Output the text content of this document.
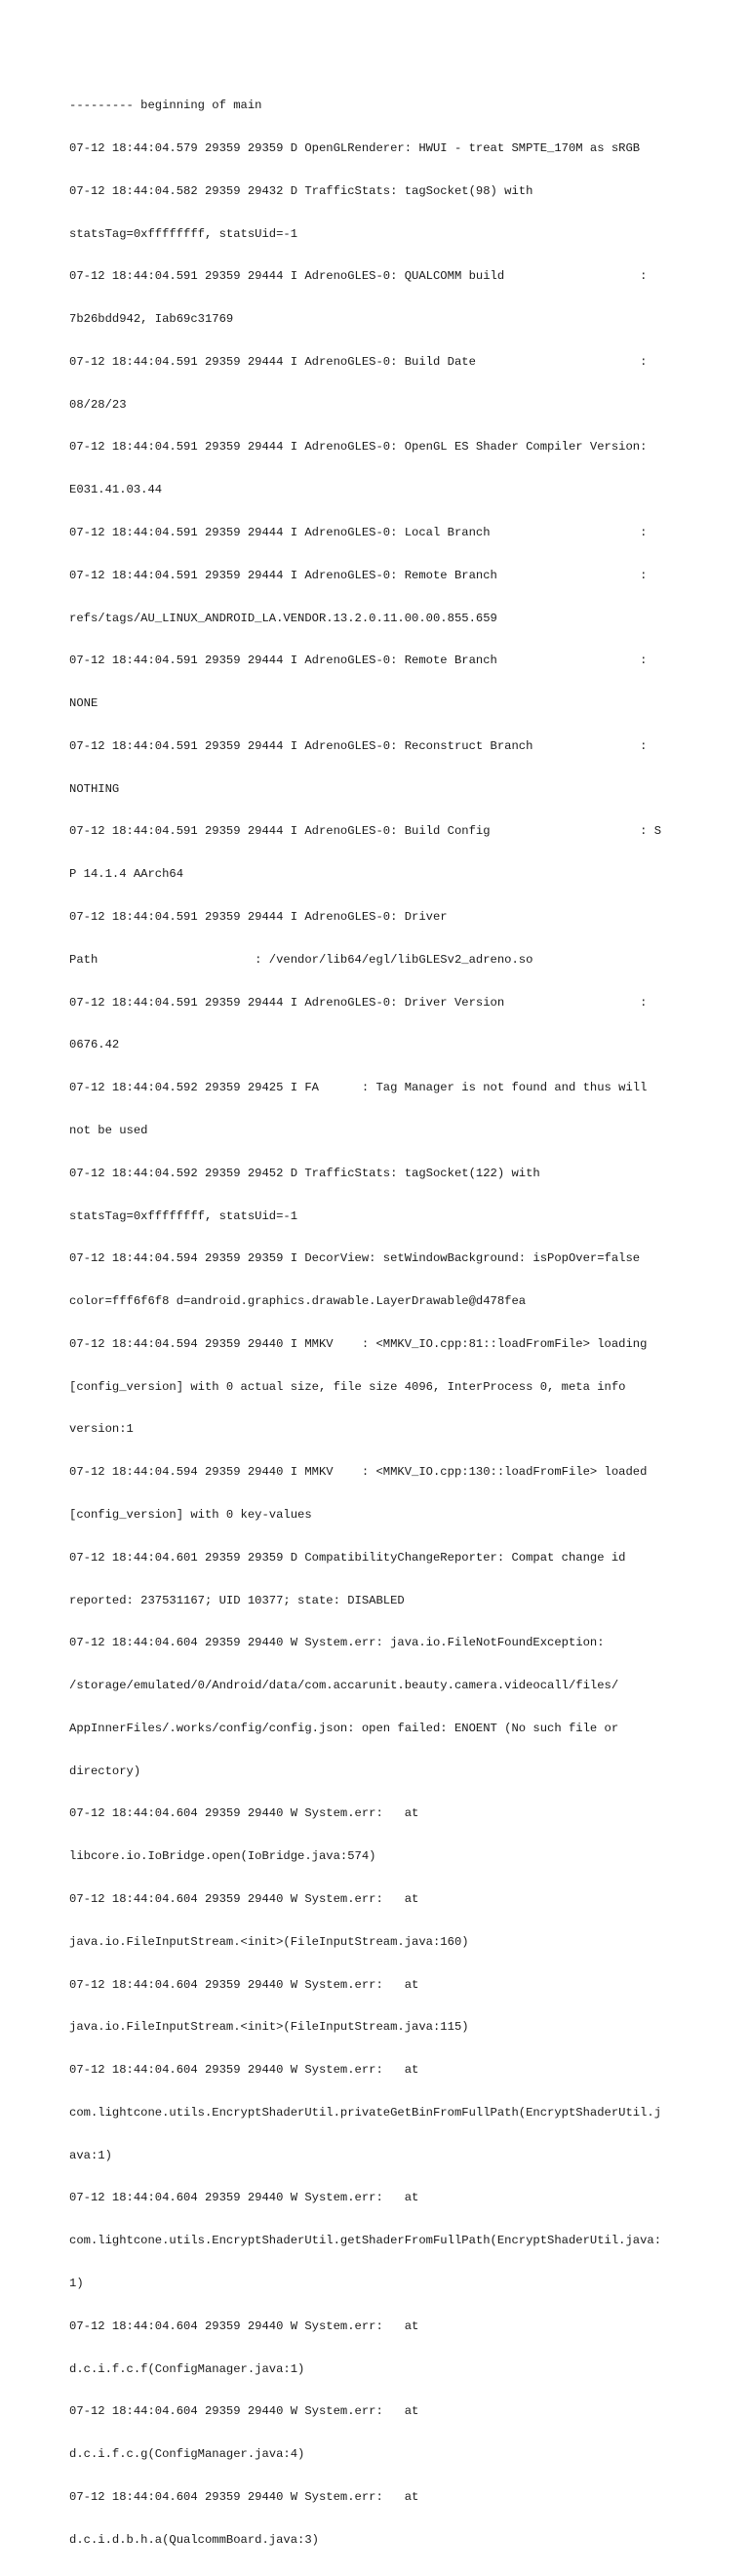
--------- beginning of main

07-12 18:44:04.579 29359 29359 D OpenGLRenderer: HWUI - treat SMPTE_170M as sRGB

07-12 18:44:04.582 29359 29432 D TrafficStats: tagSocket(98) with

statsTag=0xffffffff, statsUid=-1

07-12 18:44:04.591 29359 29444 I AdrenoGLES-0: QUALCOMM build                   :

7b26bdd942, Iab69c31769

07-12 18:44:04.591 29359 29444 I AdrenoGLES-0: Build Date                       :

08/28/23

07-12 18:44:04.591 29359 29444 I AdrenoGLES-0: OpenGL ES Shader Compiler Version:

E031.41.03.44

07-12 18:44:04.591 29359 29444 I AdrenoGLES-0: Local Branch                     :

07-12 18:44:04.591 29359 29444 I AdrenoGLES-0: Remote Branch                    :

refs/tags/AU_LINUX_ANDROID_LA.VENDOR.13.2.0.11.00.00.855.659

07-12 18:44:04.591 29359 29444 I AdrenoGLES-0: Remote Branch                    :

NONE

07-12 18:44:04.591 29359 29444 I AdrenoGLES-0: Reconstruct Branch               :

NOTHING

07-12 18:44:04.591 29359 29444 I AdrenoGLES-0: Build Config                     : S

P 14.1.4 AArch64

07-12 18:44:04.591 29359 29444 I AdrenoGLES-0: Driver

Path                      : /vendor/lib64/egl/libGLESv2_adreno.so

07-12 18:44:04.591 29359 29444 I AdrenoGLES-0: Driver Version                   :

0676.42

07-12 18:44:04.592 29359 29425 I FA      : Tag Manager is not found and thus will

not be used

07-12 18:44:04.592 29359 29452 D TrafficStats: tagSocket(122) with

statsTag=0xffffffff, statsUid=-1

07-12 18:44:04.594 29359 29359 I DecorView: setWindowBackground: isPopOver=false

color=fff6f6f8 d=android.graphics.drawable.LayerDrawable@d478fea

07-12 18:44:04.594 29359 29440 I MMKV    : <MMKV_IO.cpp:81::loadFromFile> loading

[config_version] with 0 actual size, file size 4096, InterProcess 0, meta info

version:1

07-12 18:44:04.594 29359 29440 I MMKV    : <MMKV_IO.cpp:130::loadFromFile> loaded

[config_version] with 0 key-values

07-12 18:44:04.601 29359 29359 D CompatibilityChangeReporter: Compat change id

reported: 237531167; UID 10377; state: DISABLED

07-12 18:44:04.604 29359 29440 W System.err: java.io.FileNotFoundException:

/storage/emulated/0/Android/data/com.accarunit.beauty.camera.videocall/files/

AppInnerFiles/.works/config/config.json: open failed: ENOENT (No such file or

directory)

07-12 18:44:04.604 29359 29440 W System.err:   at

libcore.io.IoBridge.open(IoBridge.java:574)

07-12 18:44:04.604 29359 29440 W System.err:   at

java.io.FileInputStream.<init>(FileInputStream.java:160)

07-12 18:44:04.604 29359 29440 W System.err:   at

java.io.FileInputStream.<init>(FileInputStream.java:115)

07-12 18:44:04.604 29359 29440 W System.err:   at

com.lightcone.utils.EncryptShaderUtil.privateGetBinFromFullPath(EncryptShaderUtil.j

ava:1)

07-12 18:44:04.604 29359 29440 W System.err:   at

com.lightcone.utils.EncryptShaderUtil.getShaderFromFullPath(EncryptShaderUtil.java:

1)

07-12 18:44:04.604 29359 29440 W System.err:   at

d.c.i.f.c.f(ConfigManager.java:1)

07-12 18:44:04.604 29359 29440 W System.err:   at

d.c.i.f.c.g(ConfigManager.java:4)

07-12 18:44:04.604 29359 29440 W System.err:   at

d.c.i.d.b.h.a(QualcommBoard.java:3)
